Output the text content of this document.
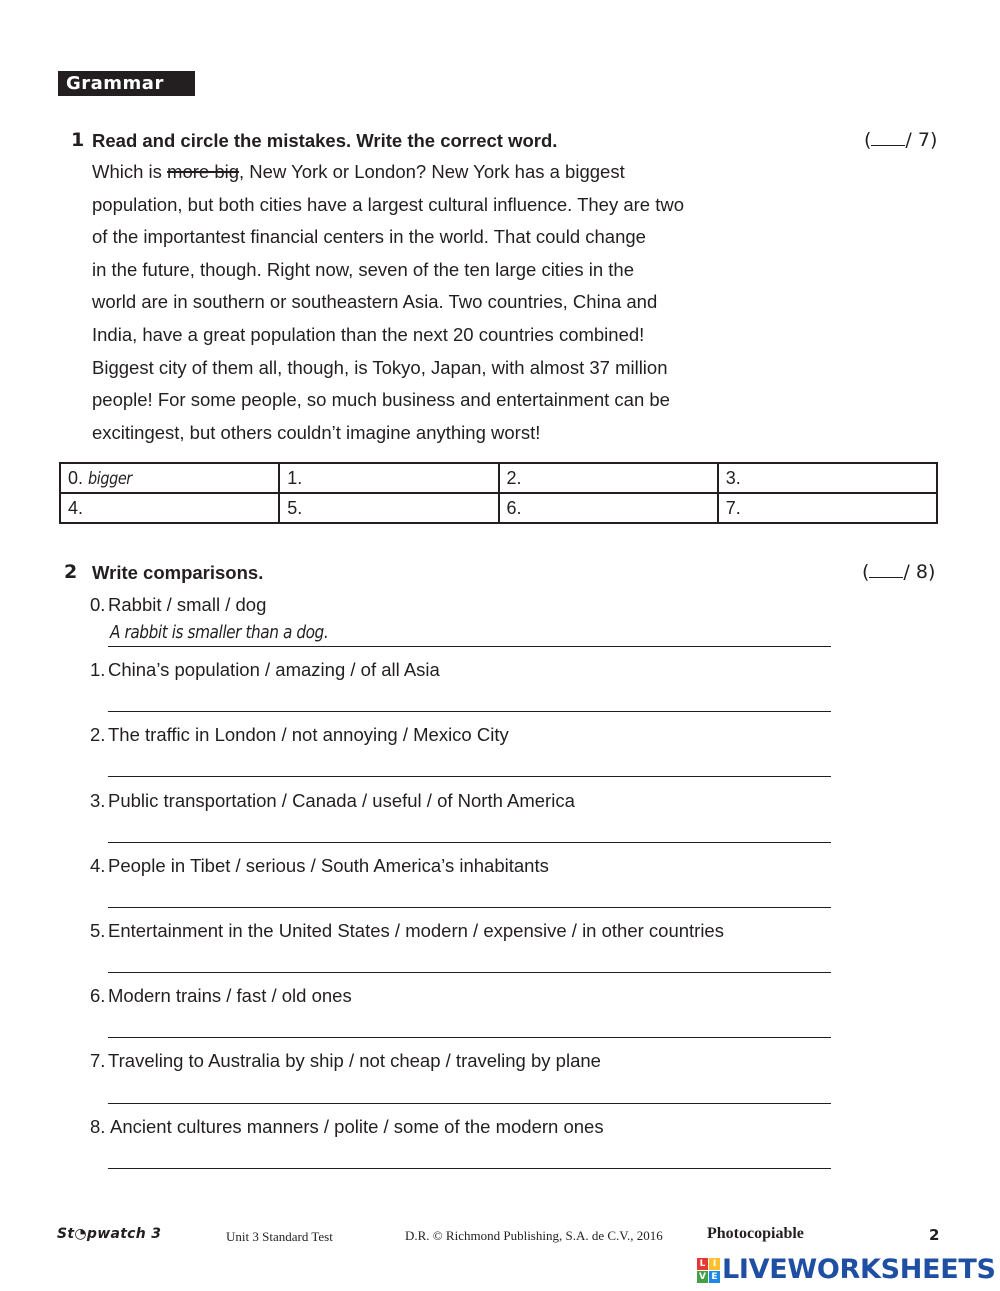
Grammar
1 Read and circle the mistakes. Write the correct word.	( / 7)
Which is more big, New York or London? New York has a biggest
population, but both cities have a largest cultural influence. They are two
of the importantest financial centers in the world. That could change
in the future, though. Right now, seven of the ten large cities in the
world are in southern or southeastern Asia. Two countries, China and
India, have a great population than the next 20 countries combined!
Biggest city of them all, though, is Tokyo, Japan, with almost 37 million
people! For some people, so much business and entertainment can be
excitingest, but others couldn’t imagine anything worst!
0. bigger	1.	2.	3.
4.	5.	6.	7.
2 Write comparisons.	( / 8)
0. Rabbit / small / dog
A rabbit is smaller than a dog.
1. China’s population / amazing / of all Asia
2. The traffic in London / not annoying / Mexico City
3. Public transportation / Canada / useful / of North America
4. People in Tibet / serious / South America’s inhabitants
5. Entertainment in the United States / modern / expensive / in other countries
6. Modern trains / fast / old ones
7. Traveling to Australia by ship / not cheap / traveling by plane
8. Ancient cultures manners / polite / some of the modern ones
St◔pwatch 3	Unit 3 Standard Test	D.R. © Richmond Publishing, S.A. de C.V., 2016	Photocopiable	2
L I
V E LIVEWORKSHEETS
